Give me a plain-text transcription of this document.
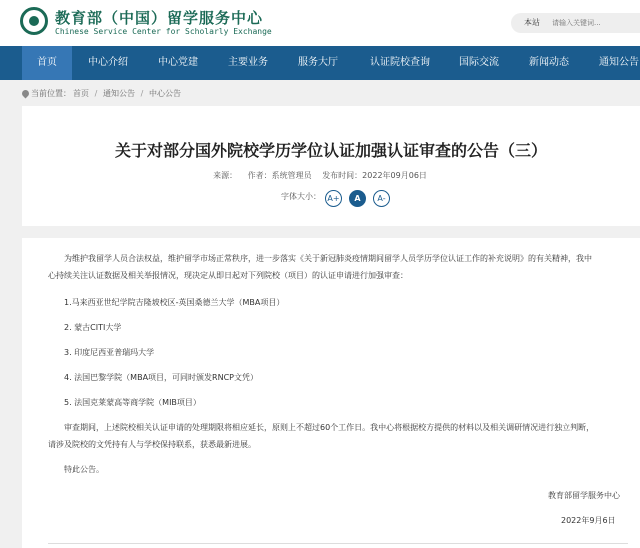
教育部（中国）留学服务中心
Chinese Service Center for Scholarly Exchange
本站
请输入关键词...
首页	中心介绍	中心党建	主要业务	服务大厅	认证院校查询	国际交流	新闻动态	通知公告
当前位置： 首页 / 通知公告 / 中心公告
关于对部分国外院校学历学位认证加强认证审查的公告（三）
来源： 作者：系统管理员 发布时间：2022年09月06日
字体大小： A+	A	A-
为维护我留学人员合法权益，维护留学市场正常秩序，进一步落实《关于新冠肺炎疫情期间留学人员学历学位认证工作的补充说明》的有关精神，我中
心持续关注认证数据及相关举报情况，现决定从即日起对下列院校（项目）的认证申请进行加强审查：
1.马来西亚世纪学院吉隆坡校区-英国桑德兰大学（MBA项目）
2. 蒙古CITI大学
3. 印度尼西亚普瑞玛大学
4. 法国巴黎学院（MBA项目，可同时颁发RNCP文凭）
5. 法国克莱蒙高等商学院（MIB项目）
审查期间，上述院校相关认证申请的处理期限将相应延长，原则上不超过60个工作日。我中心将根据校方提供的材料以及相关调研情况进行独立判断，
请涉及院校的文凭持有人与学校保持联系，获悉最新进展。
特此公告。
教育部留学服务中心
2022年9月6日
